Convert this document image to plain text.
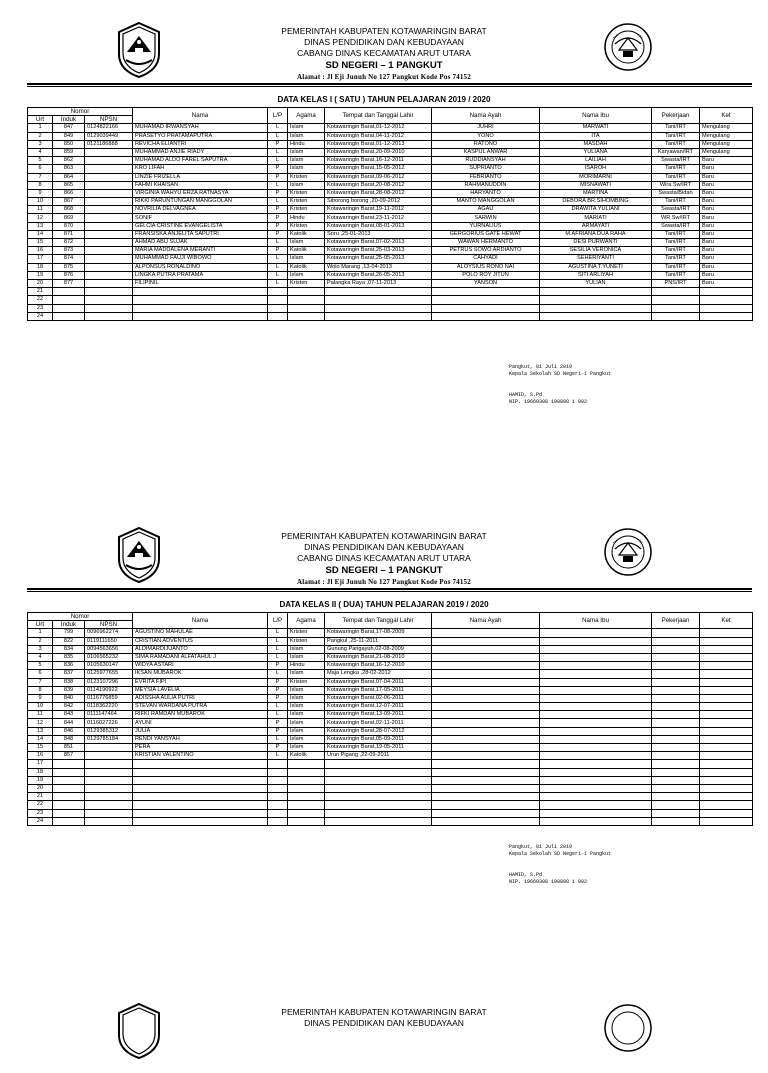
PEMERINTAH KABUPATEN KOTAWARINGIN BARAT
DINAS PENDIDIKAN DAN KEBUDAYAAN
CABANG DINAS KECAMATAN ARUT UTARA
SD NEGERI – 1 PANGKUT
Alamat : Jl Eji Junuh No 127 Pangkut Kode Pos 74152
DATA KELAS I ( SATU ) TAHUN PELAJARAN 2019 / 2020
Nomor			Nama	L/P	Agama	Tempat dan Tanggal Lahir	Nama Ayah	Nama Ibu	Pekerjaan	Ket
Urt	Induk	NPSN								
1	847	0124822166	MUHAMAD IRWANSYAH	L	Islam	Kotawaringin Barat,01-12-2012	JUHRI	MARWATI	Tani/IRT	Mengulang
2	849	0129039449	PRASETYO PRATAMAPUTRA	L	Islam	Kotawaringin Barat,04-11-2012	YONO	ITA	Tani/IRT	Mengulang
3	850	0121186888	REVICHA ELIANTRI	P	Hindu	Kotawaringin Barat,01-12-2013	RATONO	MASDAH	Tani/IRT	Mengulang
4	859		MUHAMMAD ANJIE RIADY	L	Islam	Kotawaringin Barat,20-09-2010	KASPUL ANWAR	YULIANA	Karyawan/IRT	Mengulang
5	862		MUHAMAD ALDO FAREL SAPUTRA	L	Islam	Kotawaringin Barat,16-12-2011	RUDDIANSYAH	LAILIAH	Swasta/IRT	Baru
6	863		KRO LIFAH	P	Islam	Kotawaringin Barat,15-05-2012	SUPRIANTO	ISAROH	Tani/IRT	Baru
7	864		LINZIE FRIZELLA	P	Kristen	Kotawaringin Barat,09-06-2012	FEBRIANTO	MORIMARNI	Tani/IRT	Baru
8	865		FAHMI KHAISAN	L	Islam	Kotawaringin Barat,20-08-2012	RAHMANUDDIN	MISNAWATI	Wira Sw/IRT	Baru
9	866		VIRGINIA WAHYU ERZA RATNASYA	P	Kristen	Kotawaringin Barat,28-08-2012	HARYANTO	MARTINA	Swasta/Bidan	Baru
10	867		RIKKI PARUNTUNGAN MANGGOLAN	L	Kristen	Siborong borong ,20-09-2012	MANTO MANGGOLAN	DEBORA BR.SIHOMBING	Tani/IRT	Baru
11	868		NOVRILIA DELVAGNEA	P	Kristen	Kotawaringin Barat,19-11-2012	AGAU	DRAWITA YULIANI	Swasta/IRT	Baru
12	869		SONIF	P	Hindu	Kotawaringin Barat,23-11-2012	SARWIN	MARIATI	WR Sw/IRT	Baru
13	870		GELCIA CRISTINE EVANGELISTA	P	Kristen	Kotawaringin Barat,08-01-2013	YURNALIUS	ARMAYATI	Swasta/IRT	Baru
14	871		FRANSISKA ANJELITA SAPUTRI	P	Katolik	Soru ,25-01-2013	GERGORIUS GATE HEWAT	M.AFRIANA DUA RAHA	Tani/IRT	Baru
15	872		AHMAD ABU SUJAK	L	Islam	Kotawaringin Barat,07-02-2013	WAWAN HERMANTO	DESI PURWANTI	Tani/IRT	Baru
16	873		MARIA MADDALENA MERANTI	P	Katolik	Kotawaringin Barat,25-03-2013	PETRUS SOWO ARDIANTO	SESILIA VERONICA	Tani/IRT	Baru
17	874		MUHAMMAD FAUJI WIBOWO	L	Islam	Kotawaringin Barat,25-05-2013	CAHYADI	SEHERIYANTI	Tani/IRT	Baru
18	875		ALPONSUS RONALDINO	L	Katolik	Wolo Marang ,13-04-2013	ALOYSIUS RONO NAI	AGUSTINA T.YUNETI	Tani/IRT	Baru
19	876		LINGKA PUTRA PRATAMA	L	Islam	Kotawaringin Barat,26-05-2013	POLO ROY JITUN	SITI ARLIYAH	Tani/IRT	Baru
20	877		FILIPINIL	L	Kristen	Palangka Raya ,07-11-2013	YANSON	YULIAN	PNS/IRT	Baru
21										
22										
23										
24										
Pangkut, 01 Juli 2019
Kepala Sekolah SD Negeri-1 Pangkut
HAMID, S.Pd
NIP. 19660308 198808 1 002
PEMERINTAH KABUPATEN KOTAWARINGIN BARAT
DINAS PENDIDIKAN DAN KEBUDAYAAN
CABANG DINAS KECAMATAN ARUT UTARA
SD NEGERI – 1 PANGKUT
Alamat : Jl Eji Junuh No 127 Pangkut Kode Pos 74152
DATA KELAS II ( DUA) TAHUN PELAJARAN 2019 / 2020
Nomor			Nama	L/P	Agama	Tempat dan Tanggal Lahir	Nama Ayah	Nama Ibu	Pekerjaan	Ket
Urt	Induk	NPSN								
1	799	0096962274	AGUSTINO MAHULAE	L	Kristen	Kotawaringin Barat,17-08-2009				
2	822	0119111650	CRISTIAN ADVENTUS	L	Kristen	Pangkul ,25-11-2011				
3	834	0094563656	ALDIMARDIJUANTO	L	Islam	Gunung Pangayuh,02-08-2009				
4	835	0106565232	SIMA RAMADANI ALFATAHUL J	L	Islam	Kotawaringin Barat,21-08-2010				
5	836	0105630147	WIDYA ASTARI	P	Hindu	Kotawaringin Barat,16-12-2010				
6	837	0125977655	IKSAN MUBAROK	L	Islam	Maja Lengka ,28-02-2012				
7	838	0123107296	EVRITA FIPI	P	Kristen	Kotawaringin Barat,07-04-2011				
8	839	0114190922	MEYSIA LAVELIA	P	Islam	Kotawaringin Barat,17-05-2011				
9	840	0116776859	ADISSHA AULIA PUTRI	P	Islam	Kotawaringin Barat,02-06-2011				
10	842	0118362220	STEVAN WARDANA PUTRA	L	Islam	Kotawaringin Barat,12-07-2011				
11	843	0111147464	RIFKI RAMDAN MUBAROK	L	Islam	Kotawaringin Barat,13-09-2011				
12	844	0116027226	AYUNI	P	Islam	Kotawaringin Barat,02-11-2011				
13	846	0129385312	JULIA	P	Islam	Kotawaringin Barat,28-07-2012				
14	848	0129785184	RENDI YANSYAH	L	Islam	Kotawaringin Barat,05-09-2011				
15	851		PERA	P	Islam	Kotawaringin Barat,19-05-2011				
16	857		KRISTIAN VALENTINO	L	Katolik	Urun Pigang ,22-09-2011				
17										
18										
19										
20										
21										
22										
23										
24										
Pangkut, 01 Juli 2019
Kepala Sekolah SD Negeri-1 Pangkut
HAMID, S.Pd
NIP. 19660308 198808 1 002
PEMERINTAH KABUPATEN KOTAWARINGIN BARAT
DINAS PENDIDIKAN DAN KEBUDAYAAN
